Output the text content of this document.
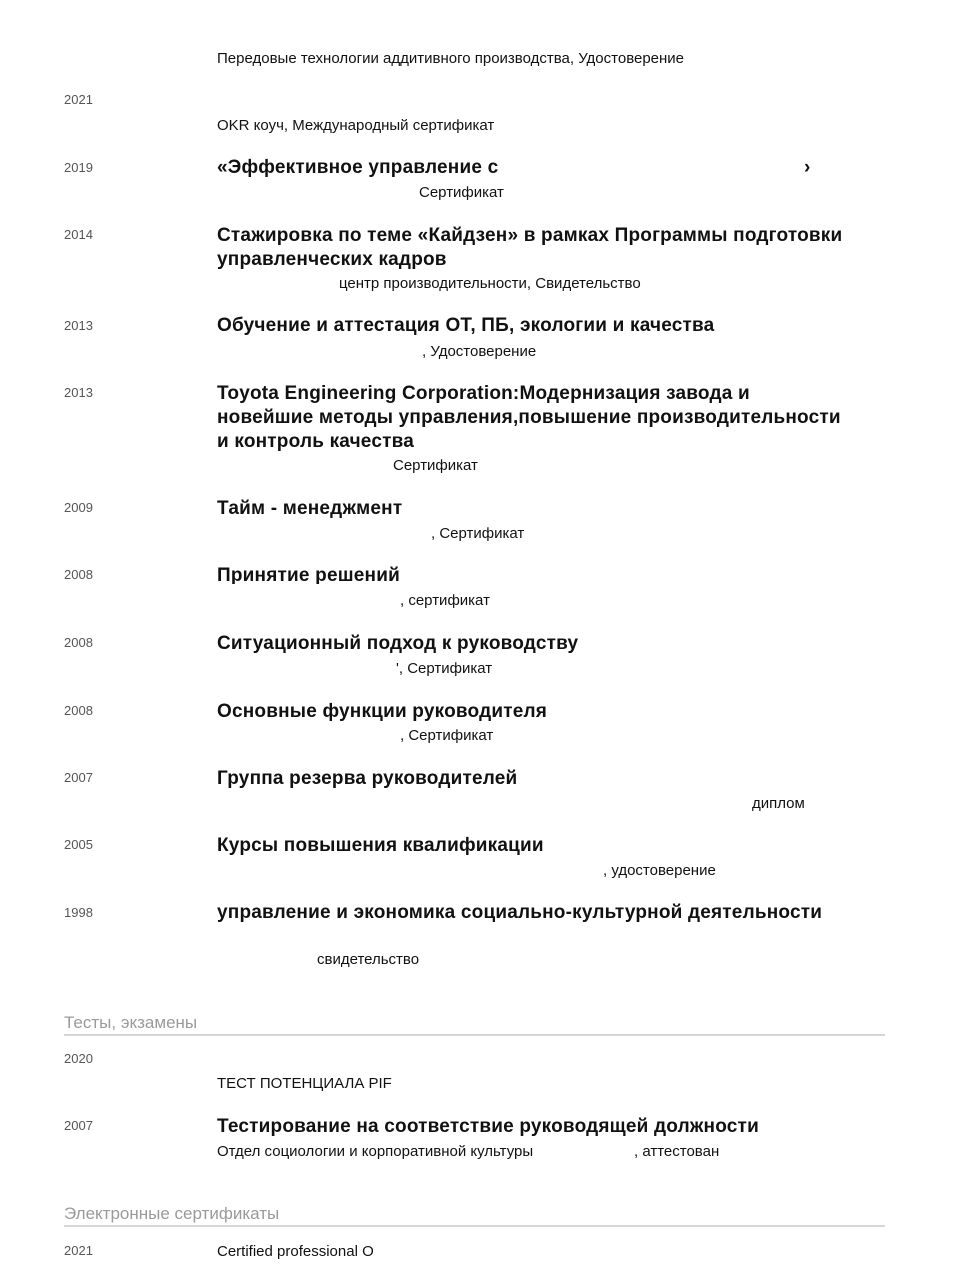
Передовые технологии аддитивного производства, Удостоверение
2021
OKR коуч, Международный сертификат
2019	«Эффективное управление с	›
Сертификат
2014	Стажировка по теме «Кайдзен» в рамках Программы подготовки
управленческих кадров
центр производительности, Свидетельство
2013	Обучение и аттестация ОТ, ПБ, экологии и качества
, Удостоверение
2013	Toyota Engineering Corporation:Модернизация завода и
новейшие методы управления,повышение производительности
и контроль качества
Сертификат
2009	Тайм - менеджмент
, Сертификат
2008	Принятие решений
, сертификат
2008	Ситуационный подход к руководству
', Сертификат
2008	Основные функции руководителя
, Сертификат
2007	Группа резерва руководителей
диплом
2005	Курсы повышения квалификации
, удостоверение
1998	управление и экономика социально-культурной деятельности
свидетельство
Тесты, экзамены
2020
ТЕСТ ПОТЕНЦИАЛА PIF
2007	Тестирование на соответствие руководящей должности
Отдел социологии и корпоративной культуры	, аттестован
Электронные сертификаты
2021	Certified professional О
